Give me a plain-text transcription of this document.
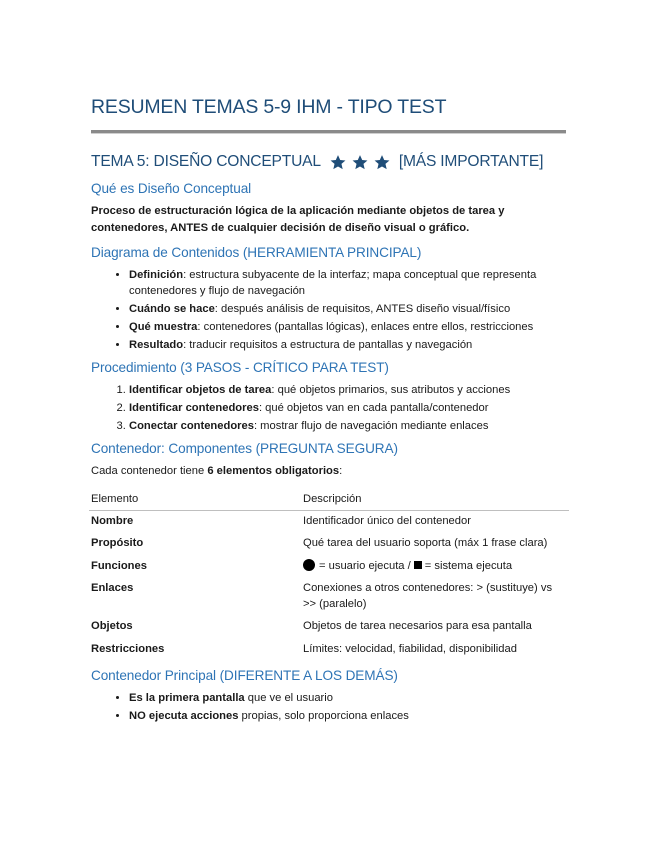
RESUMEN TEMAS 5-9 IHM - TIPO TEST
TEMA 5: DISEÑO CONCEPTUAL	[MÁS IMPORTANTE]
Qué es Diseño Conceptual

Proceso de estructuración lógica de la aplicación mediante objetos de tarea y contenedores, ANTES de cualquier decisión de diseño visual o gráfico.

Diagrama de Contenidos (HERRAMIENTA PRINCIPAL)
• Definición: estructura subyacente de la interfaz; mapa conceptual que representa contenedores y flujo de navegación
• Cuándo se hace: después análisis de requisitos, ANTES diseño visual/físico
• Qué muestra: contenedores (pantallas lógicas), enlaces entre ellos, restricciones
• Resultado: traducir requisitos a estructura de pantallas y navegación
Procedimiento (3 PASOS - CRÍTICO PARA TEST)
1. Identificar objetos de tarea: qué objetos primarios, sus atributos y acciones
2. Identificar contenedores: qué objetos van en cada pantalla/contenedor
3. Conectar contenedores: mostrar flujo de navegación mediante enlaces
Contenedor: Componentes (PREGUNTA SEGURA)

Cada contenedor tiene 6 elementos obligatorios:

Elemento	Descripción
Nombre	Identificador único del contenedor
Propósito	Qué tarea del usuario soporta (máx 1 frase clara)
Funciones	= usuario ejecuta / = sistema ejecuta
Enlaces	Conexiones a otros contenedores: > (sustituye) vs >> (paralelo)
Objetos	Objetos de tarea necesarios para esa pantalla
Restricciones	Límites: velocidad, fiabilidad, disponibilidad
Contenedor Principal (DIFERENTE A LOS DEMÁS)
• Es la primera pantalla que ve el usuario
• NO ejecuta acciones propias, solo proporciona enlaces
